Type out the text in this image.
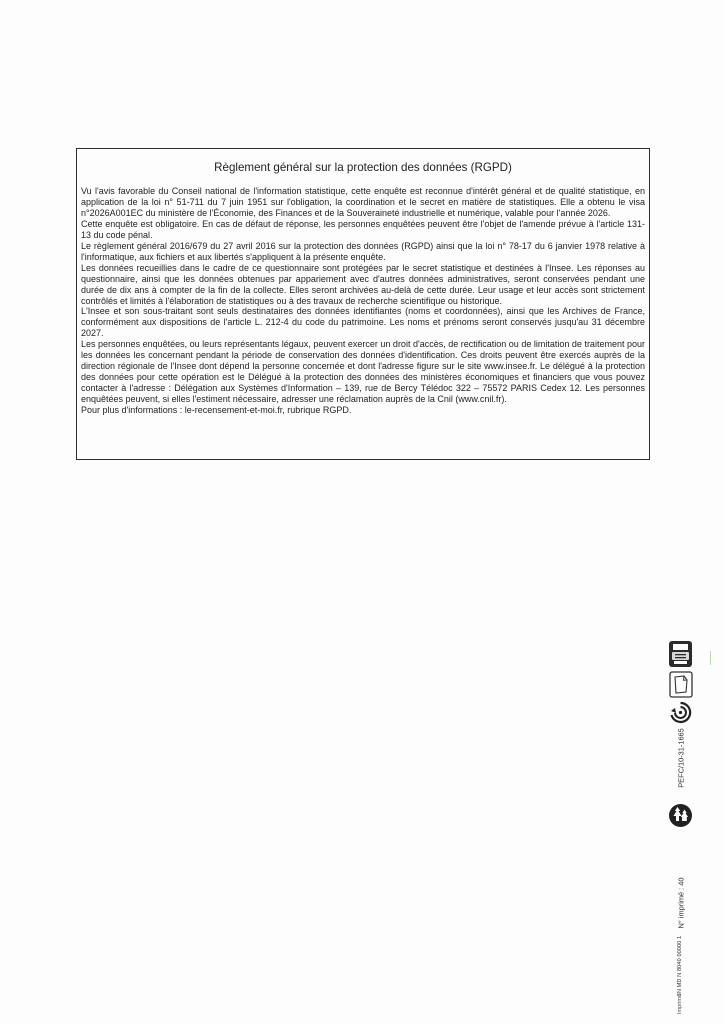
Règlement général sur la protection des données (RGPD)

Vu l'avis favorable du Conseil national de l'information statistique, cette enquête est reconnue d'intérêt général et de qualité statistique, en application de la loi n° 51-711 du 7 juin 1951 sur l'obligation, la coordination et le secret en matière de statistiques. Elle a obtenu le visa n°2026A001EC du ministère de l'Économie, des Finances et de la Souveraineté industrielle et numérique, valable pour l'année 2026.

Cette enquête est obligatoire. En cas de défaut de réponse, les personnes enquêtées peuvent être l'objet de l'amende prévue à l'article 131-13 du code pénal.

Le règlement général 2016/679 du 27 avril 2016 sur la protection des données (RGPD) ainsi que la loi n° 78-17 du 6 janvier 1978 relative à l'informatique, aux fichiers et aux libertés s'appliquent à la présente enquête.

Les données recueillies dans le cadre de ce questionnaire sont protégées par le secret statistique et destinées à l'Insee. Les réponses au questionnaire, ainsi que les données obtenues par appariement avec d'autres données administratives, seront conservées pendant une durée de dix ans à compter de la fin de la collecte. Elles seront archivées au-delà de cette durée. Leur usage et leur accès sont strictement contrôlés et limités à l'élaboration de statistiques ou à des travaux de recherche scientifique ou historique.

L'Insee et son sous-traitant sont seuls destinataires des données identifiantes (noms et coordonnées), ainsi que les Archives de France, conformément aux dispositions de l'article L. 212-4 du code du patrimoine. Les noms et prénoms seront conservés jusqu'au 31 décembre 2027.

Les personnes enquêtées, ou leurs représentants légaux, peuvent exercer un droit d'accès, de rectification ou de limitation de traitement pour les données les concernant pendant la période de conservation des données d'identification. Ces droits peuvent être exercés auprès de la direction régionale de l'Insee dont dépend la personne concernée et dont l'adresse figure sur le site www.insee.fr. Le délégué à la protection des données pour cette opération est le Délégué à la protection des données des ministères économiques et financiers que vous pouvez contacter à l'adresse : Délégation aux Systèmes d'Information – 139, rue de Bercy Télédoc 322 – 75572 PARIS Cedex 12. Les personnes enquêtées peuvent, si elles l'estiment nécessaire, adresser une réclamation auprès de la Cnil (www.cnil.fr).

Pour plus d'informations : le-recensement-et-moi.fr, rubrique RGPD.

PEFC/10-31-1665
N° imprimé : 40
3N MD N 8040 00000 1
Imprimé
